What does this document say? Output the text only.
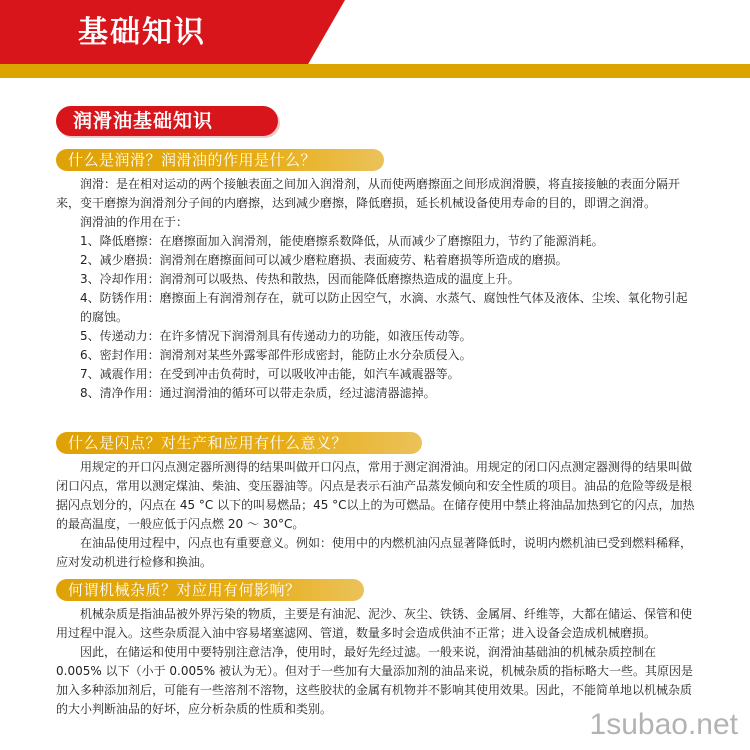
基础知识
润滑油基础知识
什么是润滑？润滑油的作用是什么？

润滑：是在相对运动的两个接触表面之间加入润滑剂，从而使两磨擦面之间形成润滑膜，将直接接触的表面分隔开来，变干磨擦为润滑剂分子间的内磨擦，达到减少磨擦，降低磨损，延长机械设备使用寿命的目的，即谓之润滑。

润滑油的作用在于：

1、降低磨擦：在磨擦面加入润滑剂，能使磨擦系数降低，从而减少了磨擦阻力，节约了能源消耗。

2、减少磨损：润滑剂在磨擦面间可以减少磨粒磨损、表面疲劳、粘着磨损等所造成的磨损。

3、冷却作用：润滑剂可以吸热、传热和散热，因而能降低磨擦热造成的温度上升。

4、防锈作用：磨擦面上有润滑剂存在，就可以防止因空气，水滴、水蒸气、腐蚀性气体及液体、尘埃、氧化物引起的腐蚀。

5、传递动力：在许多情况下润滑剂具有传递动力的功能，如液压传动等。

6、密封作用：润滑剂对某些外露零部件形成密封，能防止水分杂质侵入。

7、减震作用：在受到冲击负荷时，可以吸收冲击能，如汽车减震器等。

8、清净作用：通过润滑油的循环可以带走杂质，经过滤清器滤掉。

什么是闪点？对生产和应用有什么意义？

用规定的开口闪点测定器所测得的结果叫做开口闪点，常用于测定润滑油。用规定的闭口闪点测定器测得的结果叫做闭口闪点，常用以测定煤油、柴油、变压器油等。闪点是表示石油产品蒸发倾向和安全性质的项目。油品的危险等级是根据闪点划分的，闪点在 45 °C 以下的叫易燃品；45 °C以上的为可燃品。在储存使用中禁止将油品加热到它的闪点，加热的最高温度，一般应低于闪点燃 20 ～ 30°C。

在油品使用过程中，闪点也有重要意义。例如：使用中的内燃机油闪点显著降低时，说明内燃机油已受到燃料稀释，应对发动机进行检修和换油。

何谓机械杂质？对应用有何影响？

机械杂质是指油品被外界污染的物质，主要是有油泥、泥沙、灰尘、铁锈、金属屑、纤维等，大都在储运、保管和使用过程中混入。这些杂质混入油中容易堵塞滤网、管道，数量多时会造成供油不正常；进入设备会造成机械磨损。

因此，在储运和使用中要特别注意洁净，使用时，最好先经过滤。一般来说，润滑油基础油的机械杂质控制在 0.005% 以下（小于 0.005% 被认为无）。但对于一些加有大量添加剂的油品来说，机械杂质的指标略大一些。其原因是加入多种添加剂后，可能有一些溶剂不溶物，这些胶状的金属有机物并不影响其使用效果。因此，不能简单地以机械杂质的大小判断油品的好坏，应分析杂质的性质和类别。	1subao.net
